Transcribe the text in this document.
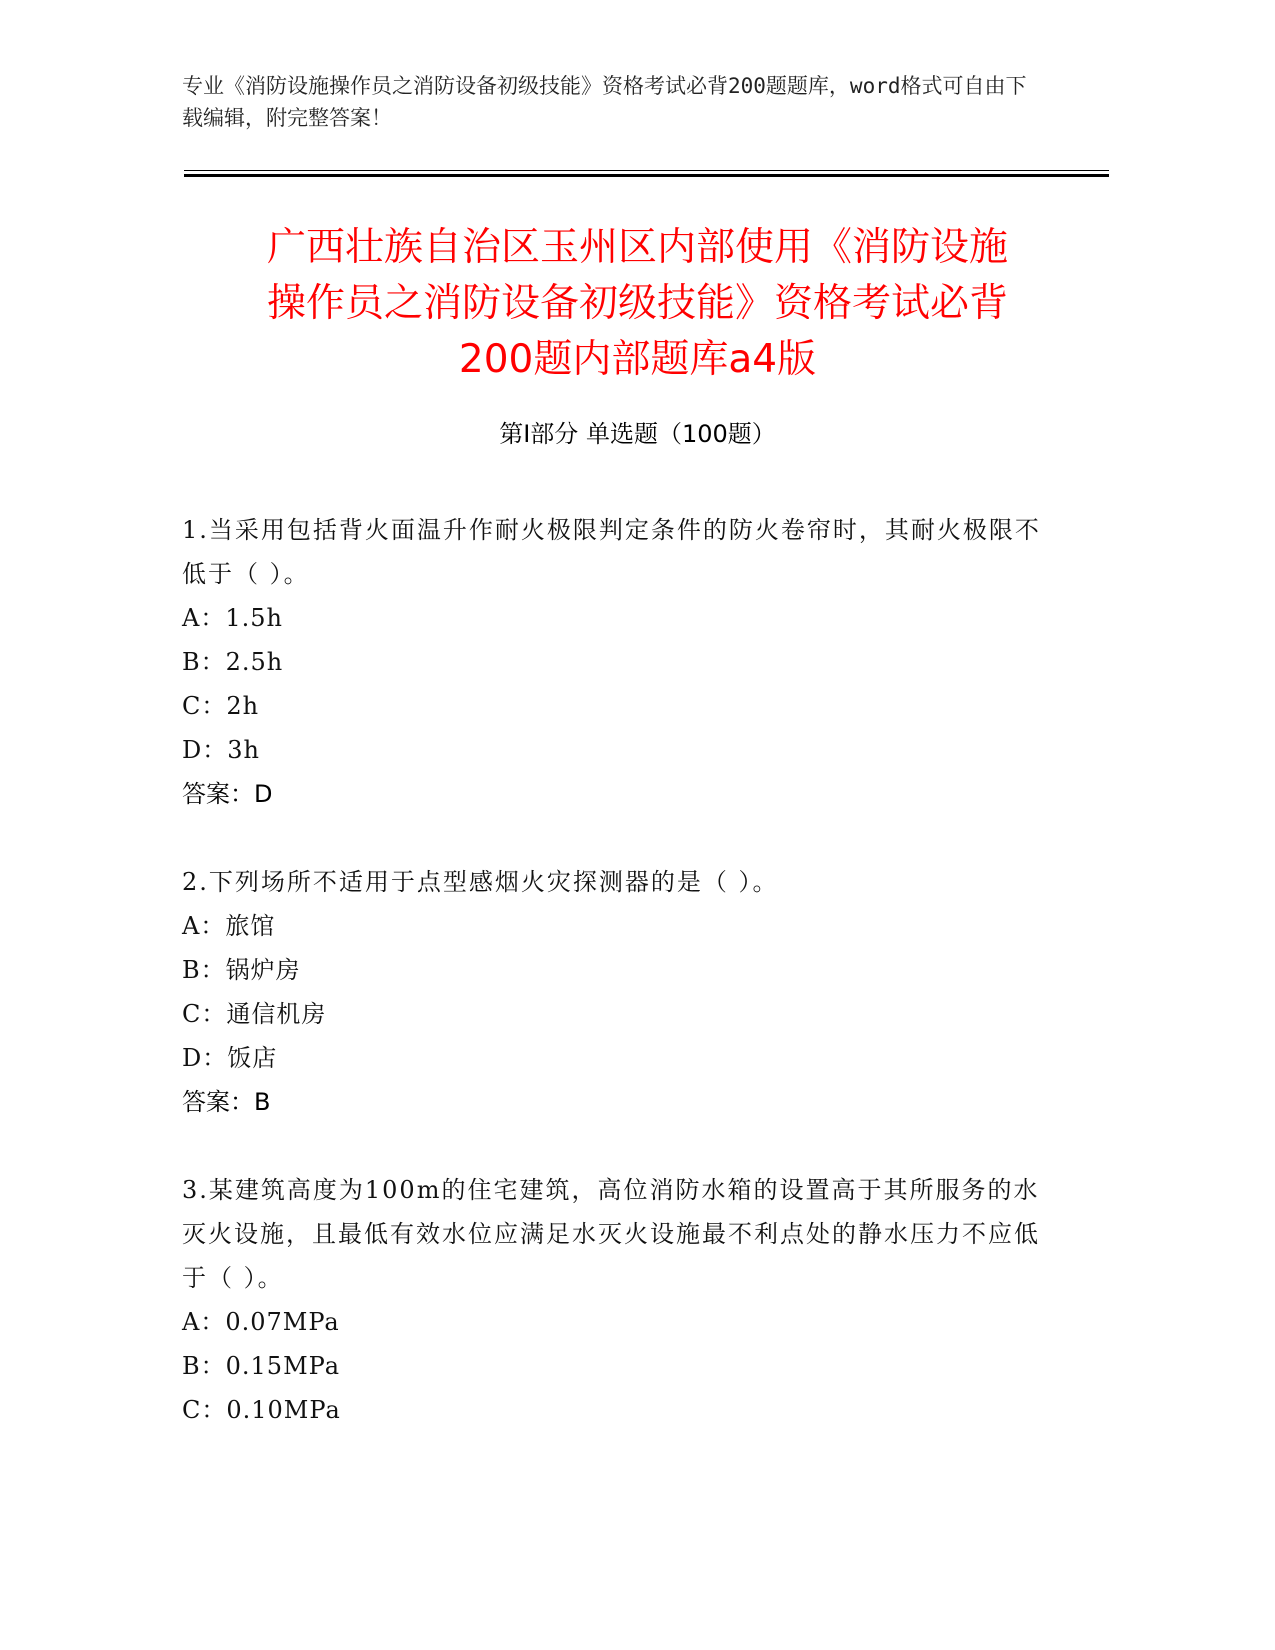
专业《消防设施操作员之消防设备初级技能》资格考试必背200题题库，word格式可自由下载编辑，附完整答案！
广西壮族自治区玉州区内部使用《消防设施
操作员之消防设备初级技能》资格考试必背
200题内部题库a4版
第Ⅰ部分 单选题（100题）
1.当采用包括背火面温升作耐火极限判定条件的防火卷帘时，其耐火极限不低于（ ）。
A：1.5h
B：2.5h
C：2h
D：3h
答案：D
2.下列场所不适用于点型感烟火灾探测器的是（ ）。
A：旅馆
B：锅炉房
C：通信机房
D：饭店
答案：B
3.某建筑高度为100m的住宅建筑，高位消防水箱的设置高于其所服务的水灭火设施，且最低有效水位应满足水灭火设施最不利点处的静水压力不应低于（ ）。
A：0.07MPa
B：0.15MPa
C：0.10MPa
